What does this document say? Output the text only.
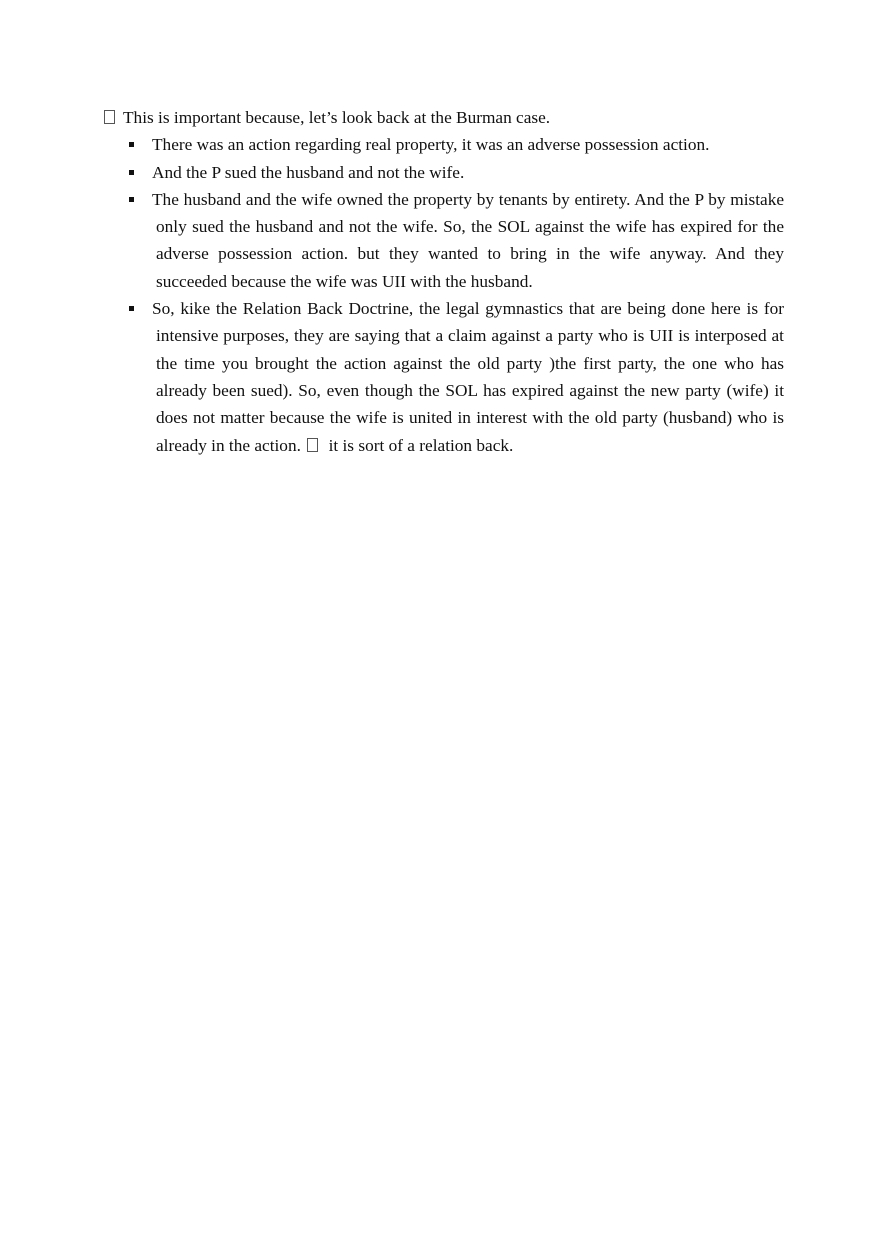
This is important because, let’s look back at the Burman case.
There was an action regarding real property, it was an adverse possession action.
And the P sued the husband and not the wife.
The husband and the wife owned the property by tenants by entirety. And the P by mistake only sued the husband and not the wife. So, the SOL against the wife has expired for the adverse possession action. but they wanted to bring in the wife anyway. And they succeeded because the wife was UII with the husband.
So, kike the Relation Back Doctrine, the legal gymnastics that are being done here is for intensive purposes, they are saying that a claim against a party who is UII is interposed at the time you brought the action against the old party )the first party, the one who has already been sued). So, even though the SOL has expired against the new party (wife) it does not matter because the wife is united in interest with the old party (husband) who is already in the action. it is sort of a relation back.
